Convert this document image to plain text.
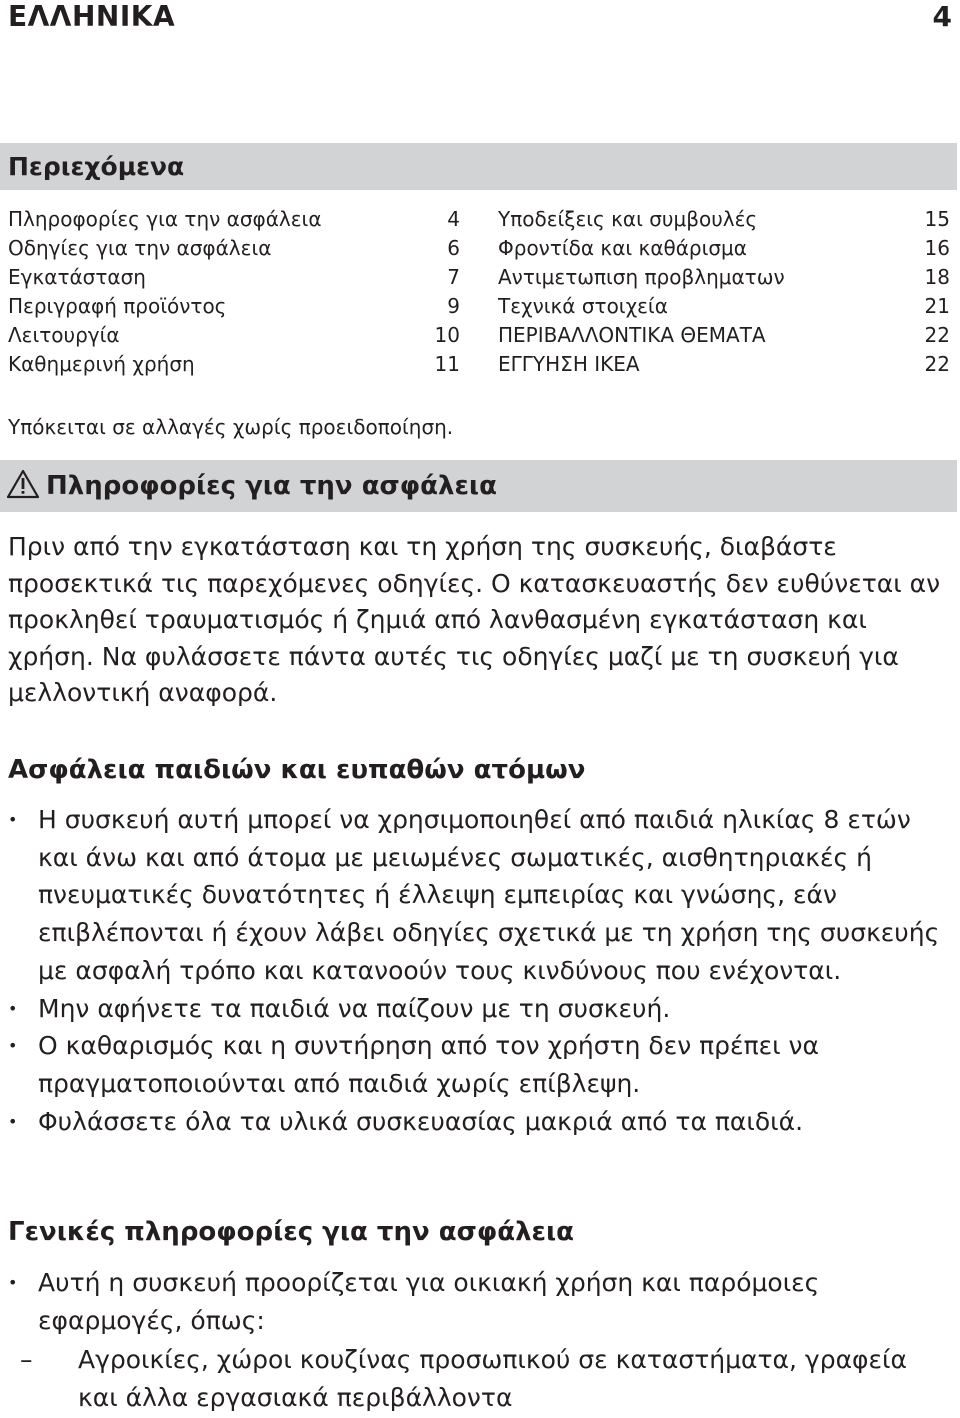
ΕΛΛΗΝΙΚΑ	4
Περιεχόμενα
Πληροφορίες για την ασφάλεια	4
Οδηγίες για την ασφάλεια	6
Εγκατάσταση	7
Περιγραφή προϊόντος	9
Λειτουργία	10
Καθημερινή χρήση	11
Υποδείξεις και συμβουλές	15
Φροντίδα και καθάρισμα	16
Αντιμετωπιση προβληματων	18
Τεχνικά στοιχεία	21
ΠΕΡΙΒΑΛΛΟΝΤΙΚΑ ΘΕΜΑΤΑ	22
ΕΓΓΥΗΣΗ IKEA	22
Υπόκειται σε αλλαγές χωρίς προειδοποίηση.
Πληροφορίες για την ασφάλεια
Πριν από την εγκατάσταση και τη χρήση της συσκευής, διαβάστε προσεκτικά τις παρεχόμενες οδηγίες. Ο κατασκευαστής δεν ευθύνεται αν προκληθεί τραυματισμός ή ζημιά από λανθασμένη εγκατάσταση και χρήση. Να φυλάσσετε πάντα αυτές τις οδηγίες μαζί με τη συσκευή για μελλοντική αναφορά.
Ασφάλεια παιδιών και ευπαθών ατόμων
• Η συσκευή αυτή μπορεί να χρησιμοποιηθεί από παιδιά ηλικίας 8 ετών και άνω και από άτομα με μειωμένες σωματικές, αισθητηριακές ή πνευματικές δυνατότητες ή έλλειψη εμπειρίας και γνώσης, εάν επιβλέπονται ή έχουν λάβει οδηγίες σχετικά με τη χρήση της συσκευής με ασφαλή τρόπο και κατανοούν τους κινδύνους που ενέχονται.
• Μην αφήνετε τα παιδιά να παίζουν με τη συσκευή.
• Ο καθαρισμός και η συντήρηση από τον χρήστη δεν πρέπει να πραγματοποιούνται από παιδιά χωρίς επίβλεψη.
• Φυλάσσετε όλα τα υλικά συσκευασίας μακριά από τα παιδιά.
Γενικές πληροφορίες για την ασφάλεια
• Αυτή η συσκευή προορίζεται για οικιακή χρήση και παρόμοιες εφαρμογές, όπως:
– Αγροικίες, χώροι κουζίνας προσωπικού σε καταστήματα, γραφεία και άλλα εργασιακά περιβάλλοντα
